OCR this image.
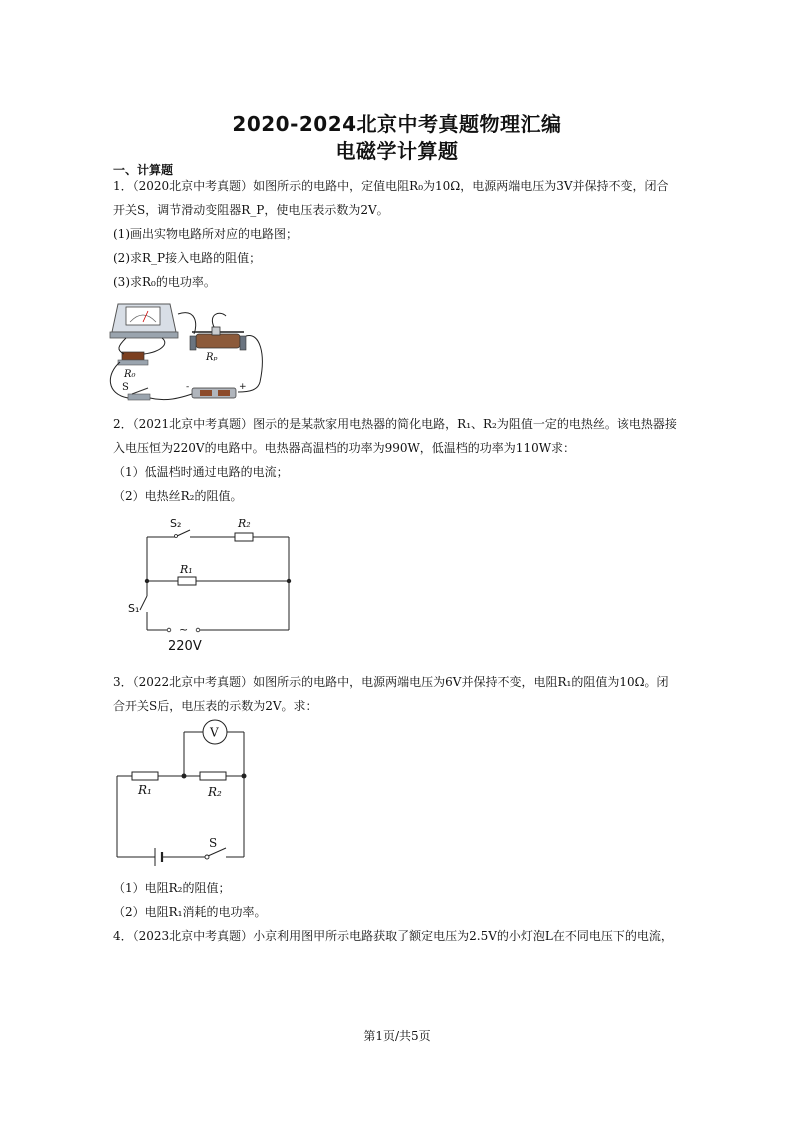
2020-2024北京中考真题物理汇编
电磁学计算题
一、计算题
1．（2020北京中考真题）如图所示的电路中，定值电阻R₀为10Ω，电源两端电压为3V并保持不变，闭合
开关S，调节滑动变阻器R_P，使电压表示数为2V。
(1)画出实物电路所对应的电路图；
(2)求R_P接入电路的阻值；
(3)求R₀的电功率。
Rₚ
R₀
S	-	+
2．（2021北京中考真题）图示的是某款家用电热器的简化电路，R₁、R₂为阻值一定的电热丝。该电热器接
入电压恒为220V的电路中。电热器高温档的功率为990W，低温档的功率为110W求：
（1）低温档时通过电路的电流；
（2）电热丝R₂的阻值。
S₂	R₂
R₁
S₁
~
220V
3．（2022北京中考真题）如图所示的电路中，电源两端电压为6V并保持不变，电阻R₁的阻值为10Ω。闭
合开关S后，电压表的示数为2V。求：
V
R₁	R₂
S
（1）电阻R₂的阻值；
（2）电阻R₁消耗的电功率。
4．（2023北京中考真题）小京利用图甲所示电路获取了额定电压为2.5V的小灯泡L在不同电压下的电流，
第1页/共5页
